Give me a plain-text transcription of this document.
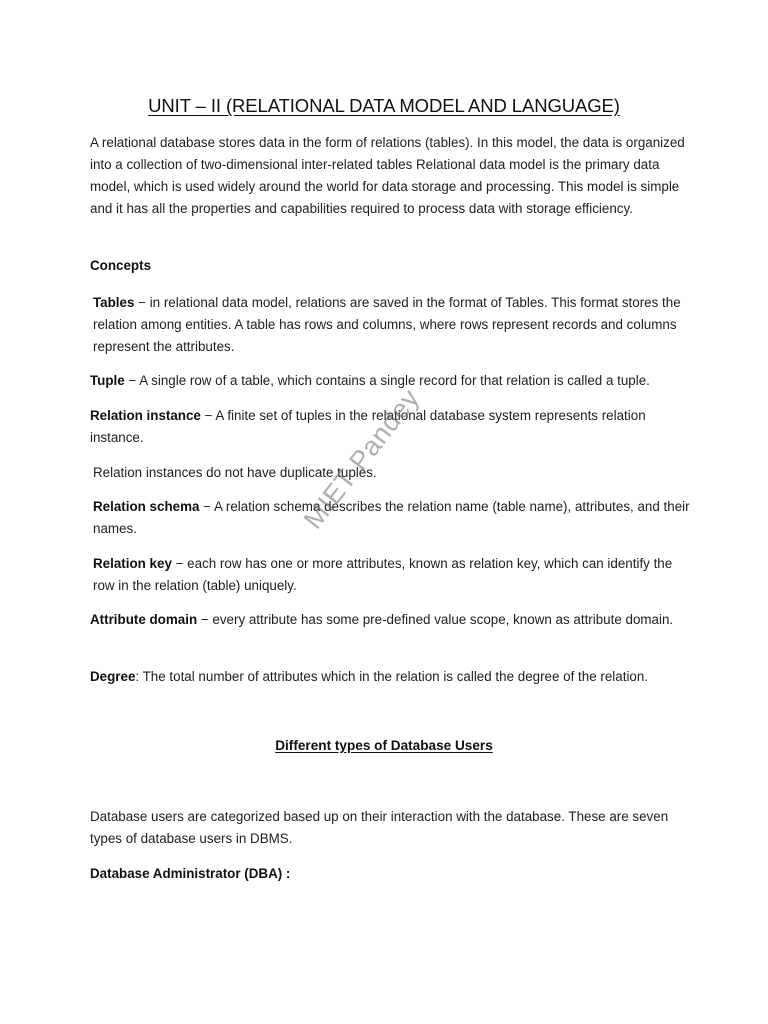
UNIT – II (RELATIONAL DATA MODEL AND LANGUAGE)
A relational database stores data in the form of relations (tables). In this model, the data is organized into a collection of two-dimensional inter-related tables Relational data model is the primary data model, which is used widely around the world for data storage and processing. This model is simple and it has all the properties and capabilities required to process data with storage efficiency.
Concepts
Tables − in relational data model, relations are saved in the format of Tables. This format stores the relation among entities. A table has rows and columns, where rows represent records and columns represent the attributes.
Tuple − A single row of a table, which contains a single record for that relation is called a tuple.
Relation instance − A finite set of tuples in the relational database system represents relation instance.
Relation instances do not have duplicate tuples.
Relation schema − A relation schema describes the relation name (table name), attributes, and their names.
Relation key − each row has one or more attributes, known as relation key, which can identify the row in the relation (table) uniquely.
Attribute domain − every attribute has some pre-defined value scope, known as attribute domain.
Degree: The total number of attributes which in the relation is called the degree of the relation.
Different types of Database Users
Database users are categorized based up on their interaction with the database. These are seven types of database users in DBMS.
Database Administrator (DBA) :
MIET Pandey
